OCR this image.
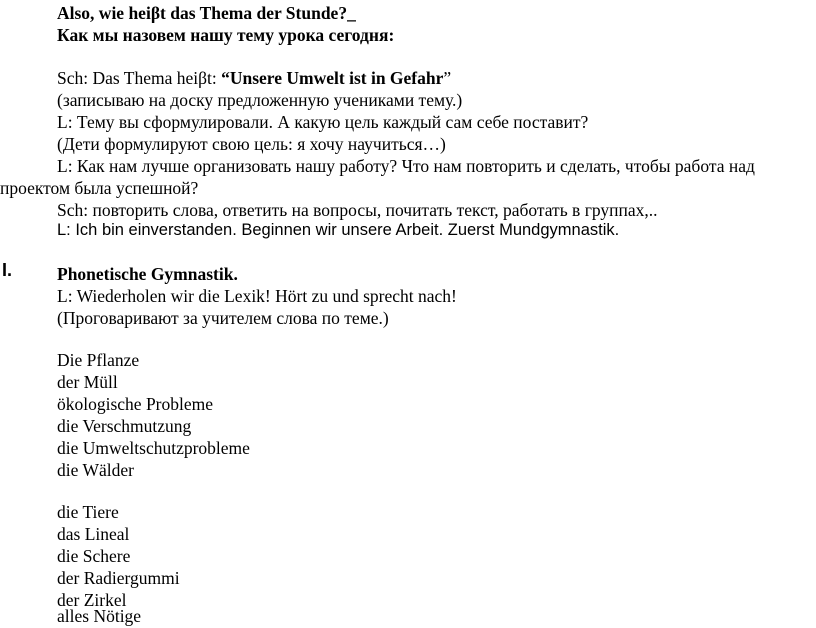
Also, wie heiβt das Thema der Stunde?_
Как мы назовем нашу тему урока сегодня:
Sch: Das Thema heiβt: “Unsere Umwelt ist in Gefahr”
(записываю на доску предложенную учениками тему.)
L: Тему вы сформулировали. А какую цель каждый сам себе поставит?
(Дети формулируют свою цель: я хочу научиться…)
L: Как нам лучше организовать нашу работу? Что нам повторить и сделать, чтобы работа над
проектом была успешной?
Sch: повторить слова, ответить на вопросы, почитать текст, работать в группах,..
L: Ich bin einverstanden. Beginnen wir unsere Arbeit. Zuerst Mundgymnastik.
I.	Phonetische Gymnastik.
L: Wiederholen wir die Lexik! Hört zu und sprecht nach!
(Проговаривают за учителем слова по теме.)
Die Pflanze
der Müll
ökologische Probleme
die Verschmutzung
die Umweltschutzprobleme
die Wälder
die Tiere
das Lineal
die Schere
der Radiergummi
der Zirkel
alles Nötige
